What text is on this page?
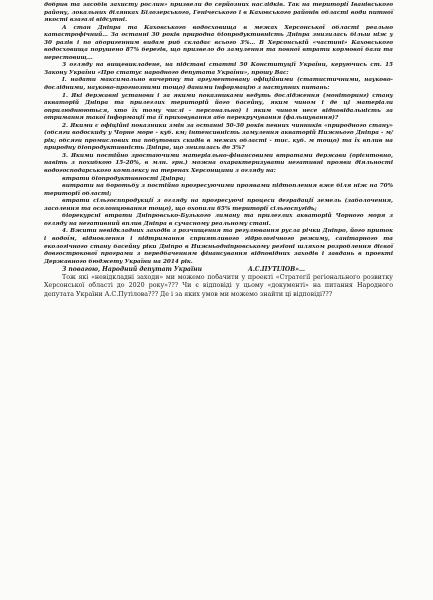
добрив та засобів захисту рослин» призвели до серйозних наслідків. Так на території Іванівського району, локальних ділянках Білозерського, Генічеського і в Каховського районів області води питної якості взагалі відсутні.

А стан Дніпра та Каховського водосховища в межах Херсонської області реально катастрофічний… За останні 30 років природна біопродуктивність Дніпра знизилась більш ніж у 30 разів і по аборигенним видам риб складає всього 3%… В Херсонській «частині» Каховського водосховища порушено 87% берегів, що призвело до замулення та повної втрати кормової бази та нерестовищ…

З огляду на вищевикладене, на підставі статті 50 Конституції України, керуючись ст. 15 Закону України «Про статус народного депутата України», прошу Вас:

I. надати максимально вичерпну та аргументовану офіційними (статистичними, науково-дослідними, науково-прогнозними тощо) даними інформацію з наступних питань:

1. Які державні установи і за якими показниками ведуть дослідження (моніторинг) стану акваторій Дніпра та прилеглих територій його басейну, яким чином і де ці матеріали оприлюднюються, хто їх тому числі - персонально) і яким чином несе відповідальність за отримання такої інформації та її приховування або перекручування (фальшування)?

2. Якими є офіційні показники змін за останні 50-30 років певних чинників «природного стану» (обсяги водоскиду у Чорне море - куб. км; інтенсивність замулення акваторій Нижнього Дніпра - м/рік; обсяги промислових та побутових скидів в межах області - тис. куб. м тощо) та їх вплив на природну біопродуктивність Дніпра, що знизилась до 3%?

3. Якими постійно зростаючими матеріально-фінансовими втратами держави (орієнтовно, навіть з похибкою 15-20%, в млн. грн.) можна охарактеризувати негативні прояви діяльності водогосподарського комплексу на теренах Херсонщини з огляду на:

втрати біопродуктивності Дніпра;

витрати на боротьбу з постійно прогресуючими проявами підтоплення вже біля ніж на 70% території області;

втрати сільгосппродукції з огляду на прогресуючі процеси деградації земель (заболочення, засолення та осолонцювання тощо), що охопили 65% території сільгоспугідь;

біорекурсні втрати Дніпровсько-Бузького лиману та прилеглих акваторій Чорного моря з огляду на негативний вплив Дніпра в сучасному реальному стані.

4. Вжити невідкладних заходів з розчищення та регулювання русла річки Дніпро, його приток і водоїм, відновлення і підтримання сприятливого гідрологічного режиму, санітарного та екологічного стану басейну ріки Дніпро в Нижньодніпровському регіоні шляхом розроблення дієвої довгострокової програми з передбаченням фінансування відповідних заходів і завдань в проекті Державного бюджету України на 2014 рік.

З повагою, Народний депутат України	А.С.ПУТІЛОВ»…

Тож які «невідкладні заходи» ми можемо побачити у проекті «Стратегії регіонального розвитку Херсонської області до 2020 року»??? Чи є відповіді у цьому «документі» на питання Народного депутата України А.С.Путілова??? Де і за яких умов ми можемо знайти ці відповіді???
